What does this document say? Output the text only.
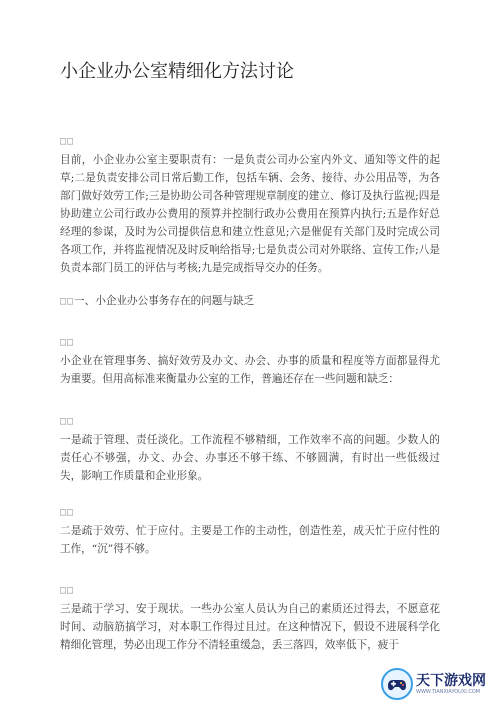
小企业办公室精细化方法讨论
□□
目前，小企业办公室主要职责有：一是负责公司办公室内外文、通知等文件的起草;二是负责安排公司日常后勤工作，包括车辆、会务、接待、办公用品等，为各部门做好效劳工作;三是协助公司各种管理规章制度的建立、修订及执行监视;四是协助建立公司行政办公费用的预算并控制行政办公费用在预算内执行;五是作好总经理的参谋，及时为公司提供信息和建立性意见;六是催促有关部门及时完成公司各项工作，并将监视情况及时反响给指导;七是负责公司对外联络、宣传工作;八是负责本部门员工的评估与考核;九是完成指导交办的任务。
□□一、小企业办公事务存在的问题与缺乏
□□
小企业在管理事务、搞好效劳及办文、办会、办事的质量和程度等方面都显得尤为重要。但用高标准来衡量办公室的工作，普遍还存在一些问题和缺乏：
□□
一是疏于管理、责任淡化。工作流程不够精细，工作效率不高的问题。少数人的责任心不够强，办文、办会、办事还不够干练、不够圆满，有时出一些低级过失，影响工作质量和企业形象。
□□
二是疏于效劳、忙于应付。主要是工作的主动性，创造性差，成天忙于应付性的工作，“沉”得不够。
□□
三是疏于学习、安于现状。一些办公室人员认为自己的素质还过得去，不愿意花时间、动脑筋搞学习，对本职工作得过且过。在这种情况下，假设不进展科学化精细化管理，势必出现工作分不清轻重缓急，丢三落四，效率低下，疲于
天下游戏网
WWW.TIANXIAYOUXI.COM
